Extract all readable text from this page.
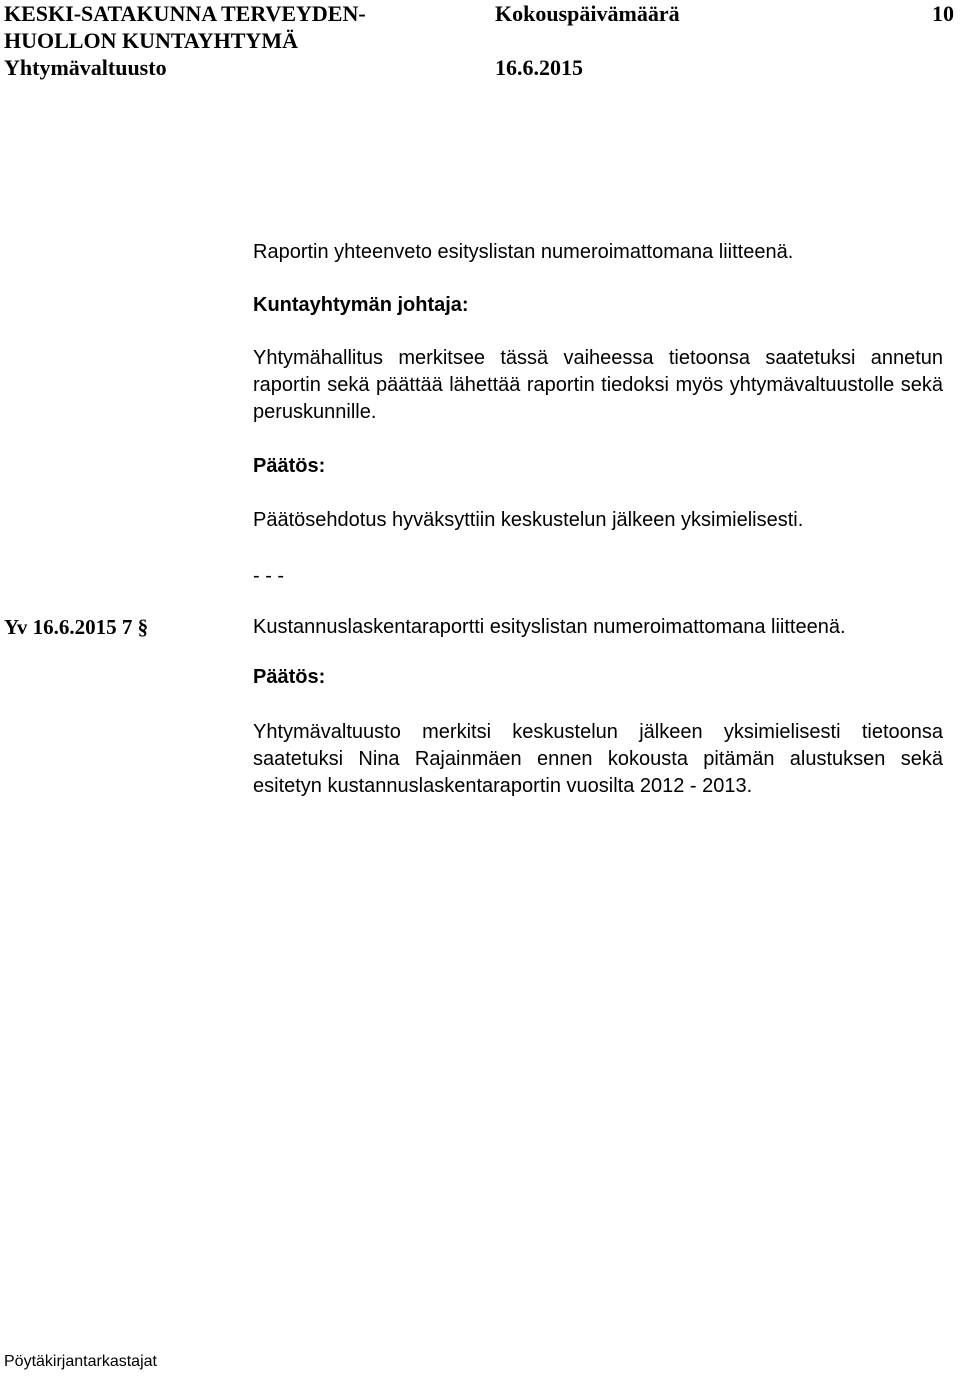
KESKI-SATAKUNNA TERVEYDEN-
HUOLLON KUNTAYHTYMÄ
Yhtymävaltuusto
Kokouspäivämäärä	10
16.6.2015
Raportin yhteenveto esityslistan numeroimattomana liitteenä.
Kuntayhtymän johtaja:
Yhtymähallitus merkitsee tässä vaiheessa tietoonsa saatetuksi annetun raportin sekä päättää lähettää raportin tiedoksi myös yhtymävaltuustolle sekä peruskunnille.
Päätös:
Päätösehdotus hyväksyttiin keskustelun jälkeen yksimielisesti.
- - -
Yv 16.6.2015 7 §	Kustannuslaskentaraportti esityslistan numeroimattomana liitteenä.
Päätös:
Yhtymävaltuusto merkitsi keskustelun jälkeen yksimielisesti tietoonsa saatetuksi Nina Rajainmäen ennen kokousta pitämän alustuksen sekä esitetyn kustannuslaskentaraportin vuosilta 2012 - 2013.
Pöytäkirjantarkastajat
